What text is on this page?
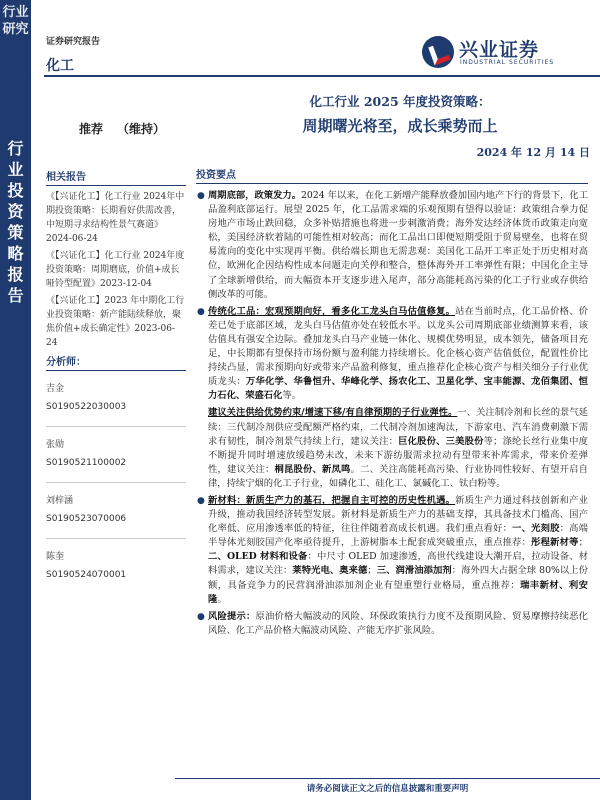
行业研究
行业投资策略报告
证券研究报告
化工
兴业证券
INDUSTRIAL SECURITIES
化工行业 2025 年度投资策略：
周期曙光将至，成长乘势而上
推荐 （维持）
2024 年 12 月 14 日
相关报告
《【兴证化工】化工行业 2024年中期投资策略：长期看好供需改善，中短期寻求结构性景气赛道》2024-06-24
《【兴证化工】化工行业 2024年度投资策略：周期磨底，价值+成长哑铃型配置》2023-12-04
《【兴证化工】2023 年中期化工行业投资策略：新产能陆续释放，聚焦价值+成长确定性》2023-06-24
分析师：
吉金
S0190522030003
张勋
S0190521100002
刘梓涵
S0190523070006
陈奎
S0190524070001
投资要点
● 周期底部，政策发力。2024 年以来，在化工新增产能释放叠加国内地产下行的背景下，化工品盈利底部运行。展望 2025 年，化工品需求端的乐观预期有望得以验证：政策组合拳力促房地产市场止跌回稳，众多补贴措施也将进一步刺激消费；海外发达经济体货币政策走向宽松，美国经济软着陆的可能性相对较高；而化工品出口即便短期受阻于贸易壁垒，也将在贸易流向的变化中实现再平衡。供给端长期也无需悲观：美国化工品开工率正处于历史相对高位，欧洲化企因结构性成本问题走向关停和整合，整体海外开工率弹性有限；中国化企主导了全球新增供给，而大幅资本开支逐步进入尾声，部分高能耗高污染的化工子行业或存供给侧改革的可能。
● 传统化工品：宏观预期向好，看多化工龙头白马估值修复。站在当前时点，化工品价格、价差已处于底部区域，龙头白马估值亦处在较低水平。以龙头公司周期底部业绩测算来看，该估值具有强安全边际。叠加龙头白马产业链一体化、规模优势明显，成本领先，储备项目充足，中长期都有望保持市场份额与盈利能力持续增长。化企核心资产估值低位，配置性价比持续凸显，需求预期向好或带来产品盈利修复，重点推荐化企核心资产与相关细分子行业优质龙头：万华化学、华鲁恒升、华峰化学、扬农化工、卫星化学、宝丰能源、龙佰集团、恒力石化、荣盛石化等。
建议关注供给优势约束/增速下移/有自律预期的子行业弹性。一、关注制冷剂和长丝的景气延续：三代制冷剂供应受配额严格约束，二代制冷剂加速淘汰，下游家电、汽车消费刺激下需求有韧性，制冷剂景气持续上行，建议关注：巨化股份、三美股份等；涤纶长丝行业集中度不断提升同时增速放缓趋势未改，未来下游纺服需求拉动有望带来补库需求，带来价差弹性，建议关注：桐昆股份、新凤鸣。二、关注高能耗高污染、行业协同性较好、有望开启自律，持续宁烟的化工子行业，如磷化工、硅化工、氯碱化工、钛白粉等。
● 新材料：新质生产力的基石，把握自主可控的历史性机遇。新质生产力通过科技创新和产业升级，推动我国经济转型发展。新材料是新质生产力的基础支撑，其具备技术门槛高、国产化率低、应用渗透率低的特征，往往伴随着高成长机遇。我们重点看好：一、光刻胶：高端半导体光刻胶国产化率亟待提升，上游树脂本土配套成突破重点，重点推荐：彤程新材等；二、OLED 材料和设备：中尺寸 OLED 加速渗透，高世代线建设大潮开启，拉动设备、材料需求，建议关注：莱特光电、奥来德；三、润滑油添加剂：海外四大占据全球 80%以上份额，具备竞争力的民营润滑油添加剂企业有望重塑行业格局，重点推荐：瑞丰新材、利安隆。
● 风险提示：原油价格大幅波动的风险、环保政策执行力度不及预期风险、贸易摩擦持续恶化风险、化工产品价格大幅波动风险、产能无序扩张风险。
请务必阅读正文之后的信息披露和重要声明
